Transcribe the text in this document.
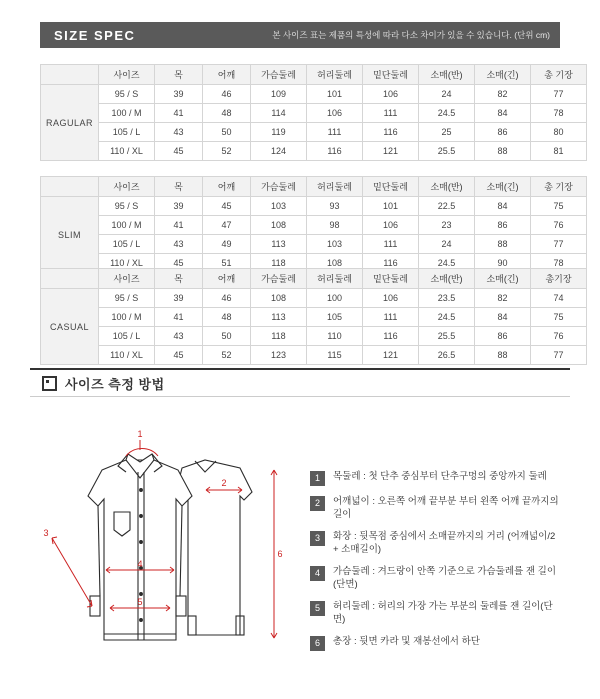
SIZE SPEC	본 사이즈 표는 제품의 특성에 따라 다소 차이가 있을 수 있습니다. (단위 cm)
	사이즈	목	어깨	가슴둘레	허리둘레	밑단둘레	소매(반)	소매(긴)	총 기장
RAGULAR	95 / S	39	46	109	101	106	24	82	77
	100 / M	41	48	114	106	111	24.5	84	78
	105 / L	43	50	119	111	116	25	86	80
	110 / XL	45	52	124	116	121	25.5	88	81
	사이즈	목	어깨	가슴둘레	허리둘레	밑단둘레	소매(반)	소매(긴)	총 기장
SLIM	95 / S	39	45	103	93	101	22.5	84	75
	100 / M	41	47	108	98	106	23	86	76
	105 / L	43	49	113	103	111	24	88	77
	110 / XL	45	51	118	108	116	24.5	90	78
	사이즈	목	어깨	가슴둘레	허리둘레	밑단둘레	소매(반)	소매(긴)	총기장
CASUAL	95 / S	39	46	108	100	106	23.5	82	74
	100 / M	41	48	113	105	111	24.5	84	75
	105 / L	43	50	118	110	116	25.5	86	76
	110 / XL	45	52	123	115	121	26.5	88	77
사이즈 측정 방법
1
2
3
4
5
6
1	목둘레 : 첫 단추 중심부터 단추구멍의 중앙까지 둘레
2	어깨넓이 : 오른쪽 어깨 끝부분 부터 왼쪽 어깨 끝까지의 길이
3	화장 : 뒷목점 중심에서 소매끝까지의 거리 (어깨넓이/2 + 소매길이)
4	가슴둘레 : 겨드랑이 안쪽 기준으로 가슴둘레를 잰 길이(단면)
5	허리둘레 : 허리의 가장 가는 부분의 둘레를 잰 길이(단면)
6	총장 : 뒷면 카라 및 재봉선에서 하단
